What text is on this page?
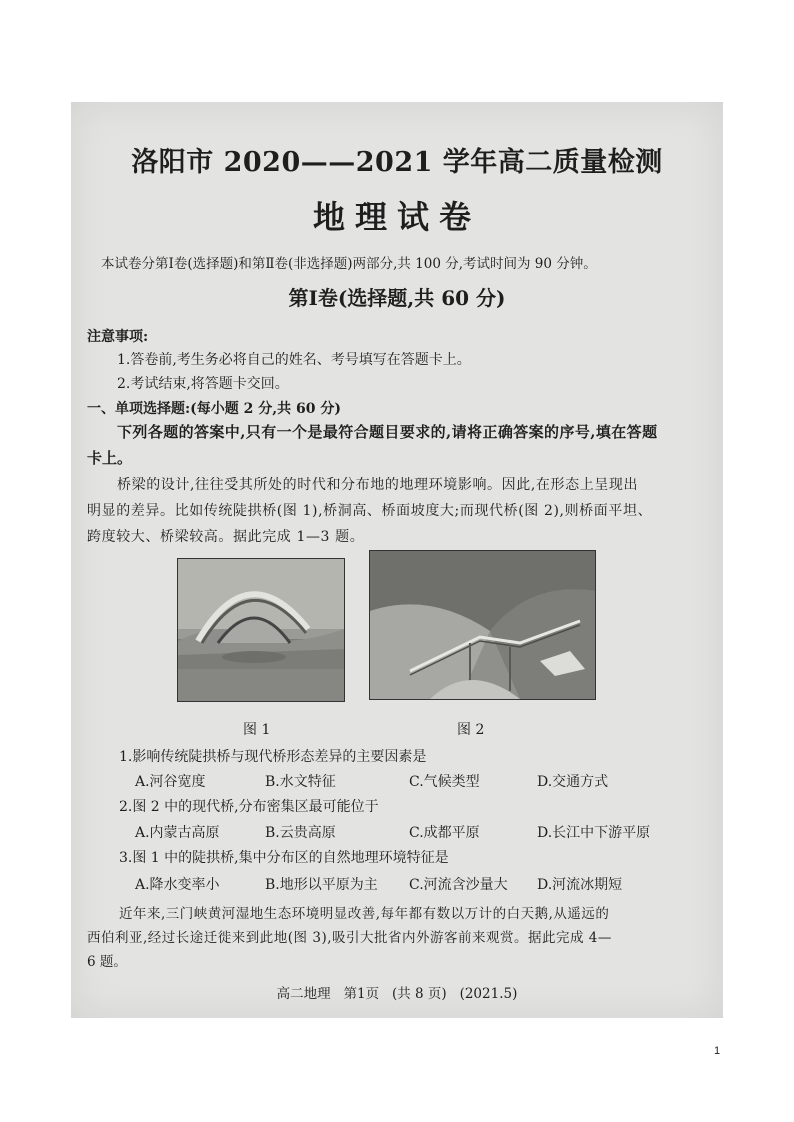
洛阳市 2020——2021 学年高二质量检测
地理试卷
本试卷分第Ⅰ卷(选择题)和第Ⅱ卷(非选择题)两部分,共 100 分,考试时间为 90 分钟。
第Ⅰ卷(选择题,共 60 分)
注意事项:
1.答卷前,考生务必将自己的姓名、考号填写在答题卡上。
2.考试结束,将答题卡交回。
一、单项选择题:(每小题 2 分,共 60 分)
下列各题的答案中,只有一个是最符合题目要求的,请将正确答案的序号,填在答题
卡上。
桥梁的设计,往往受其所处的时代和分布地的地理环境影响。因此,在形态上呈现出
明显的差异。比如传统陡拱桥(图 1),桥洞高、桥面坡度大;而现代桥(图 2),则桥面平坦、
跨度较大、桥梁较高。据此完成 1—3 题。
图 1	图 2
1.影响传统陡拱桥与现代桥形态差异的主要因素是
A.河谷宽度	B.水文特征	C.气候类型	D.交通方式
2.图 2 中的现代桥,分布密集区最可能位于
A.内蒙古高原	B.云贵高原	C.成都平原	D.长江中下游平原
3.图 1 中的陡拱桥,集中分布区的自然地理环境特征是
A.降水变率小	B.地形以平原为主 C.河流含沙量大 D.河流冰期短
近年来,三门峡黄河湿地生态环境明显改善,每年都有数以万计的白天鹅,从遥远的
西伯利亚,经过长途迁徙来到此地(图 3),吸引大批省内外游客前来观赏。据此完成 4—
6 题。
高二地理   第1页   (共 8 页)   (2021.5)
1
